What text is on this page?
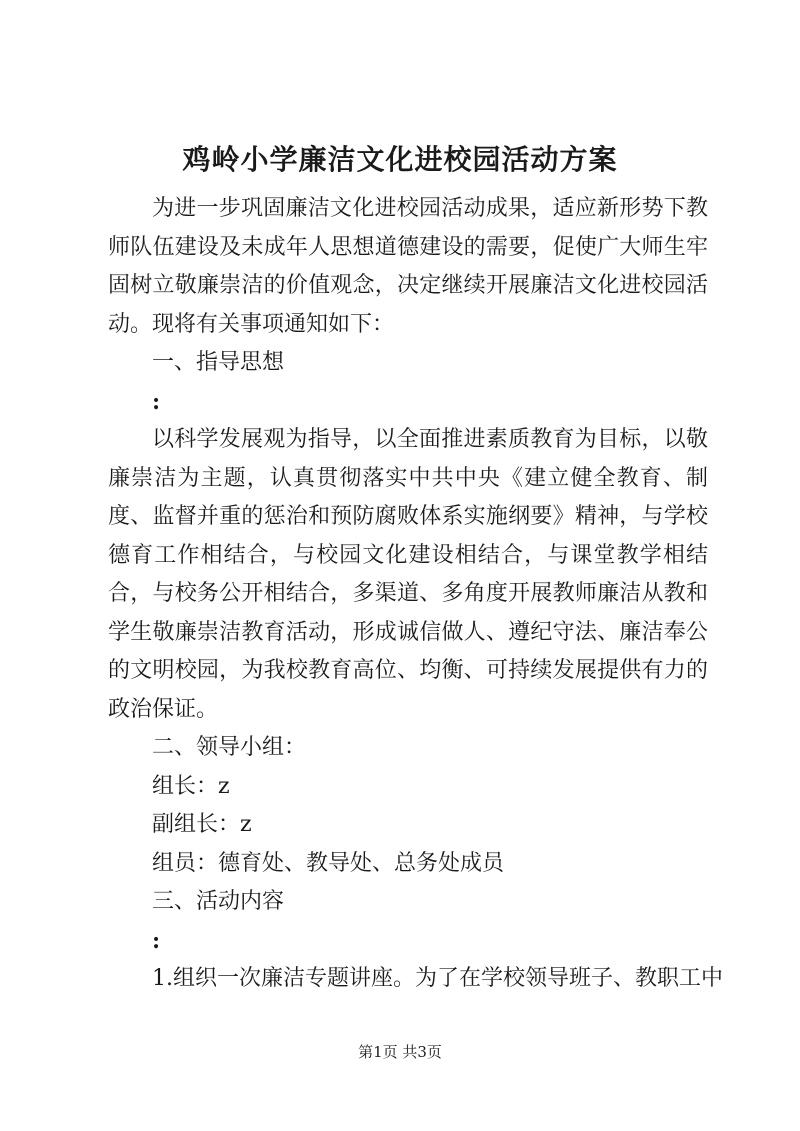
鸡岭小学廉洁文化进校园活动方案

为进一步巩固廉洁文化进校园活动成果，适应新形势下教师队伍建设及未成年人思想道德建设的需要，促使广大师生牢固树立敬廉崇洁的价值观念，决定继续开展廉洁文化进校园活动。现将有关事项通知如下：

一、指导思想

:

以科学发展观为指导，以全面推进素质教育为目标，以敬廉崇洁为主题，认真贯彻落实中共中央《建立健全教育、制度、监督并重的惩治和预防腐败体系实施纲要》精神，与学校德育工作相结合，与校园文化建设相结合，与课堂教学相结合，与校务公开相结合，多渠道、多角度开展教师廉洁从教和学生敬廉崇洁教育活动，形成诚信做人、遵纪守法、廉洁奉公的文明校园，为我校教育高位、均衡、可持续发展提供有力的政治保证。

二、领导小组：

组长：z

副组长：z

组员：德育处、教导处、总务处成员

三、活动内容

:

1.组织一次廉洁专题讲座。为了在学校领导班子、教职工中

第1页 共3页
